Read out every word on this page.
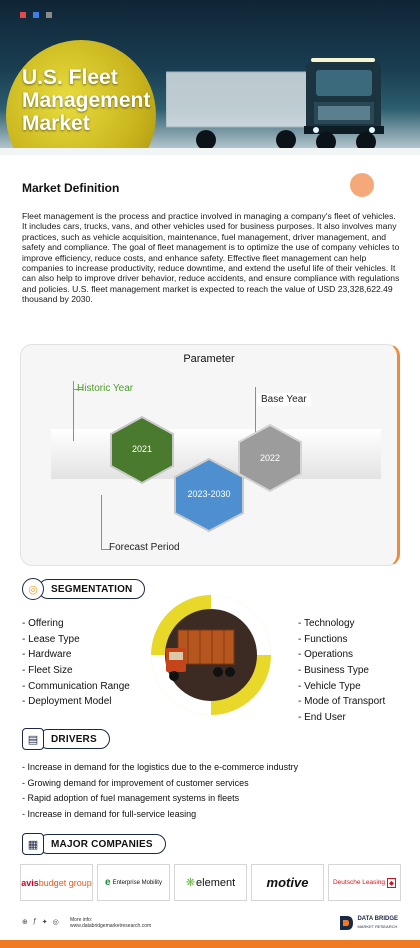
U.S. Fleet Management Market
Market Definition
Fleet management is the process and practice involved in managing a company's fleet of vehicles. It includes cars, trucks, vans, and other vehicles used for business purposes. It also involves many practices, such as vehicle acquisition, maintenance, fuel management, driver management, and safety and compliance. The goal of fleet management is to optimize the use of company vehicles to improve efficiency, reduce costs, and enhance safety. Effective fleet management can help companies to increase productivity, reduce downtime, and extend the useful life of their vehicles. It can also help to improve driver behavior, reduce accidents, and ensure compliance with regulations and policies. U.S. fleet management market is expected to reach the value of USD 23,328,622.49 thousand by 2030.
Parameter
Historic Year
Base Year
Forecast Period
2021
2023-2030
2022
◎	SEGMENTATION
- Offering
- Lease Type
- Hardware
- Fleet Size
- Communication Range
- Deployment Model
- Technology
- Functions
- Operations
- Business Type
- Vehicle Type
- Mode of Transport
- End User
▤	DRIVERS
- Increase in demand for the logistics due to the e-commerce industry
- Growing demand for improvement of customer services
- Rapid adoption of fuel management systems in fleets
- Increase in demand for full-service leasing
▦	MAJOR COMPANIES
avis budget group e Enterprise Mobility ❋ element motive	Deutsche Leasing ◆
⊕ ƒ ✦ ◎ More info:
www.databridgemarketresearch.com
DATA BRIDGE
MARKET RESEARCH
